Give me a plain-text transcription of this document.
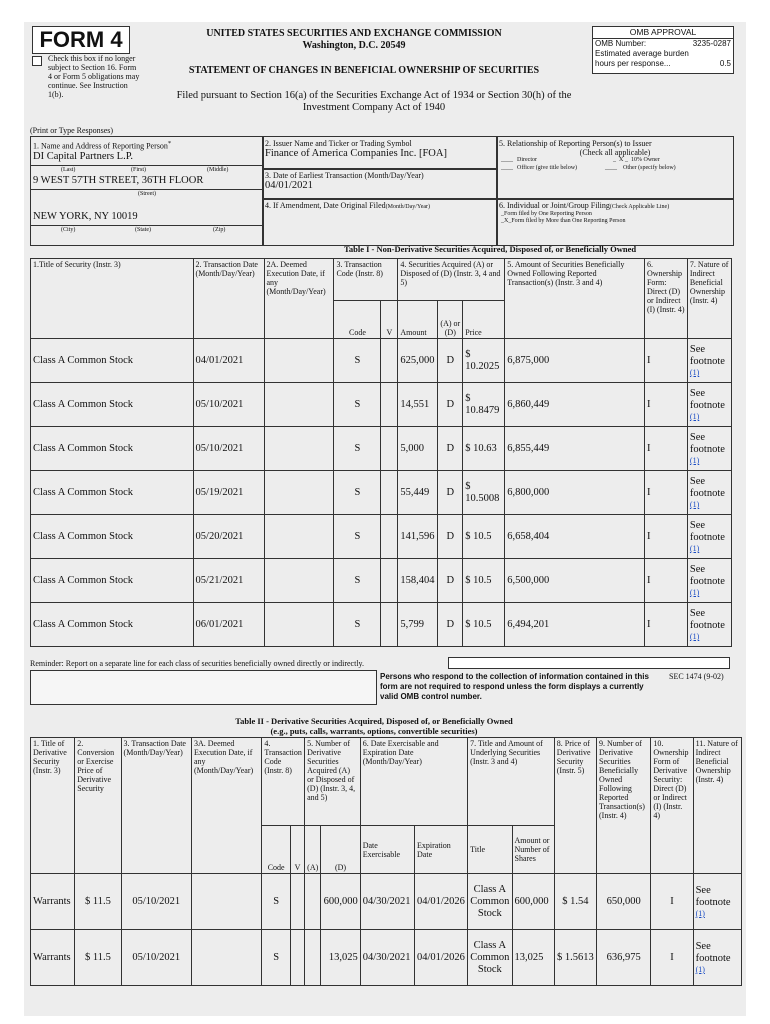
FORM 4
Check this box if no longer subject to Section 16. Form 4 or Form 5 obligations may continue. See Instruction 1(b).
UNITED STATES SECURITIES AND EXCHANGE COMMISSION
Washington, D.C. 20549
STATEMENT OF CHANGES IN BENEFICIAL OWNERSHIP OF SECURITIES
Filed pursuant to Section 16(a) of the Securities Exchange Act of 1934 or Section 30(h) of the
Investment Company Act of 1940
OMB APPROVAL
OMB Number:	3235-0287
Estimated average burden
hours per response...	0.5
(Print or Type Responses)
1. Name and Address of Reporting Person*
DI Capital Partners L.P.
(Last)	(First)	(Middle)
9 WEST 57TH STREET, 36TH FLOOR
(Street)
NEW YORK, NY 10019
(City)	(State)	(Zip)
2. Issuer Name and Ticker or Trading Symbol
Finance of America Companies Inc. [FOA]
3. Date of Earliest Transaction (Month/Day/Year)
04/01/2021
4. If Amendment, Date Original Filed(Month/Day/Year)
5. Relationship of Reporting Person(s) to Issuer
(Check all applicable)
____ Director	_ X _ 10% Owner
____ Officer (give title below)	____ Other (specify below)
6. Individual or Joint/Group Filing(Check Applicable Line)
_Form filed by One Reporting Person
_X_Form filed by More than One Reporting Person
Table I - Non-Derivative Securities Acquired, Disposed of, or Beneficially Owned
1.Title of Security (Instr. 3)	2. Transaction Date (Month/Day/Year)	2A. Deemed Execution Date, if any (Month/Day/Year)	3. Transaction Code (Instr. 8)		4. Securities Acquired (A) or Disposed of (D) (Instr. 3, 4 and 5)			5. Amount of Securities Beneficially Owned Following Reported Transaction(s) (Instr. 3 and 4)	6. Ownership Form: Direct (D) or Indirect (I) (Instr. 4)	7. Nature of Indirect Beneficial Ownership (Instr. 4)
			Code	V	Amount	(A) or (D)	Price			
Class A Common Stock	04/01/2021		S		625,000	D	$ 10.2025	6,875,000	I	See footnote
(1)

Class A Common Stock	05/10/2021		S		14,551	D	$ 10.8479	6,860,449	I	See footnote
(1)

Class A Common Stock	05/10/2021		S		5,000	D	$ 10.63	6,855,449	I	See footnote
(1)

Class A Common Stock	05/19/2021		S		55,449	D	$ 10.5008	6,800,000	I	See footnote
(1)

Class A Common Stock	05/20/2021		S		141,596	D	$ 10.5	6,658,404	I	See footnote
(1)

Class A Common Stock	05/21/2021		S		158,404	D	$ 10.5	6,500,000	I	See footnote
(1)

Class A Common Stock	06/01/2021		S		5,799	D	$ 10.5	6,494,201	I	See footnote
(1)
Reminder: Report on a separate line for each class of securities beneficially owned directly or indirectly.
Persons who respond to the collection of information contained in this form are not required to respond unless the form displays a currently valid OMB control number.
SEC 1474 (9-02)
Table II - Derivative Securities Acquired, Disposed of, or Beneficially Owned
(e.g., puts, calls, warrants, options, convertible securities)
1. Title of Derivative Security (Instr. 3)	2. Conversion or Exercise Price of Derivative Security	3. Transaction Date (Month/Day/Year)	3A. Deemed Execution Date, if any (Month/Day/Year)	4. Transaction Code (Instr. 8)		5. Number of Derivative Securities Acquired (A) or Disposed of (D) (Instr. 3, 4, and 5)		6. Date Exercisable and Expiration Date (Month/Day/Year)		7. Title and Amount of Underlying Securities (Instr. 3 and 4)		8. Price of Derivative Security (Instr. 5)	9. Number of Derivative Securities Beneficially Owned Following Reported Transaction(s) (Instr. 4)	10. Ownership Form of Derivative Security: Direct (D) or Indirect (I) (Instr. 4)	11. Nature of Indirect Beneficial Ownership (Instr. 4)
				Code	V	(A)	(D)	Date Exercisable	Expiration Date	Title	Amount or Number of Shares				
Warrants	$ 11.5	05/10/2021		S			600,000	04/30/2021	04/01/2026	Class A Common Stock	600,000	$ 1.54	650,000	I	See footnote
(1)

Warrants	$ 11.5	05/10/2021		S			13,025	04/30/2021	04/01/2026	Class A Common Stock	13,025	$ 1.5613	636,975	I	See footnote
(1)
